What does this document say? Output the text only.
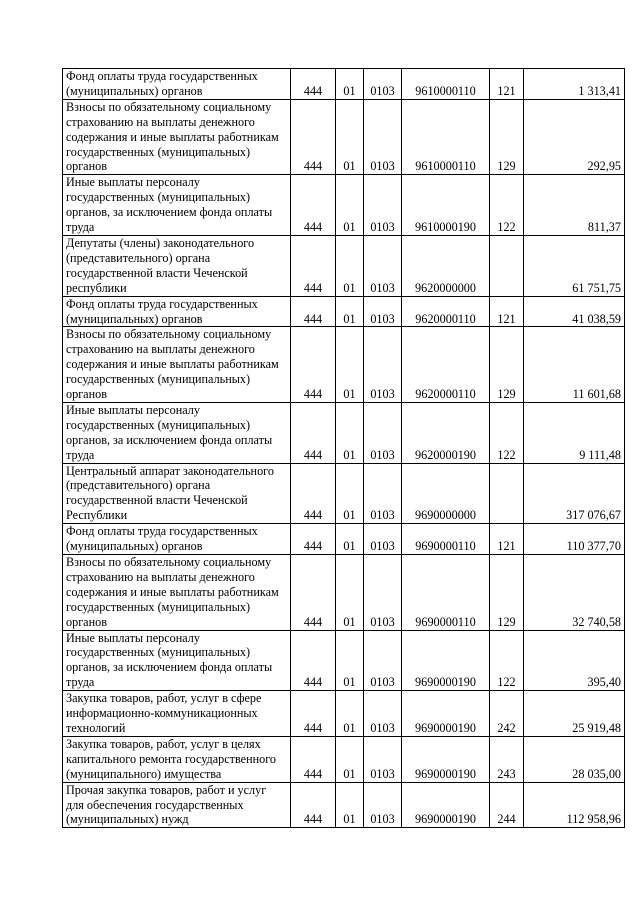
Фонд оплаты труда государственных (муниципальных) органов	444	01	0103	9610000110	121	1 313,41
Взносы по обязательному социальному страхованию на выплаты денежного содержания и иные выплаты работникам государственных (муниципальных) органов	444	01	0103	9610000110	129	292,95
Иные выплаты персоналу государственных (муниципальных) органов, за исключением фонда оплаты труда	444	01	0103	9610000190	122	811,37
Депутаты (члены) законодательного (представительного) органа государственной власти Чеченской республики	444	01	0103	9620000000		61 751,75
Фонд оплаты труда государственных (муниципальных) органов	444	01	0103	9620000110	121	41 038,59
Взносы по обязательному социальному страхованию на выплаты денежного содержания и иные выплаты работникам государственных (муниципальных) органов	444	01	0103	9620000110	129	11 601,68
Иные выплаты персоналу государственных (муниципальных) органов, за исключением фонда оплаты труда	444	01	0103	9620000190	122	9 111,48
Центральный аппарат законодательного (представительного) органа государственной власти Чеченской Республики	444	01	0103	9690000000		317 076,67
Фонд оплаты труда государственных (муниципальных) органов	444	01	0103	9690000110	121	110 377,70
Взносы по обязательному социальному страхованию на выплаты денежного содержания и иные выплаты работникам государственных (муниципальных) органов	444	01	0103	9690000110	129	32 740,58
Иные выплаты персоналу государственных (муниципальных) органов, за исключением фонда оплаты труда	444	01	0103	9690000190	122	395,40
Закупка товаров, работ, услуг в сфере информационно-коммуникационных технологий	444	01	0103	9690000190	242	25 919,48
Закупка товаров, работ, услуг в целях капитального ремонта государственного (муниципального) имущества	444	01	0103	9690000190	243	28 035,00
Прочая закупка товаров, работ и услуг для обеспечения государственных (муниципальных) нужд	444	01	0103	9690000190	244	112 958,96
